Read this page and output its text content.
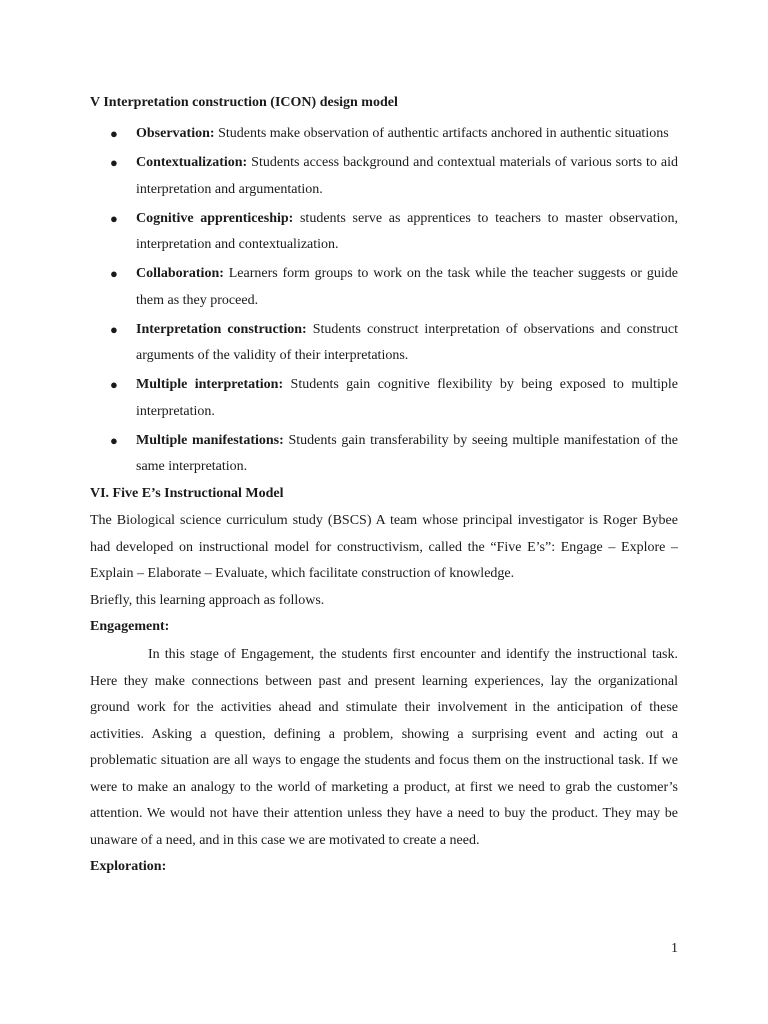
V Interpretation construction (ICON) design model

● Observation: Students make observation of authentic artifacts anchored in authentic situations
● Contextualization: Students access background and contextual materials of various sorts to aid interpretation and argumentation.
● Cognitive apprenticeship: students serve as apprentices to teachers to master observation, interpretation and contextualization.
● Collaboration: Learners form groups to work on the task while the teacher suggests or guide them as they proceed.
● Interpretation construction: Students construct interpretation of observations and construct arguments of the validity of their interpretations.
● Multiple interpretation: Students gain cognitive flexibility by being exposed to multiple interpretation.
● Multiple manifestations: Students gain transferability by seeing multiple manifestation of the same interpretation.

VI. Five E’s Instructional Model

The Biological science curriculum study (BSCS) A team whose principal investigator is Roger Bybee had developed on instructional model for constructivism, called the “Five E’s”: Engage – Explore –Explain – Elaborate – Evaluate, which facilitate construction of knowledge.

Briefly, this learning approach as follows.

Engagement:

In this stage of Engagement, the students first encounter and identify the instructional task. Here they make connections between past and present learning experiences, lay the organizational ground work for the activities ahead and stimulate their involvement in the anticipation of these activities. Asking a question, defining a problem, showing a surprising event and acting out a problematic situation are all ways to engage the students and focus them on the instructional task. If we were to make an analogy to the world of marketing a product, at first we need to grab the customer’s attention. We would not have their attention unless they have a need to buy the product. They may be unaware of a need, and in this case we are motivated to create a need.

Exploration:

1
